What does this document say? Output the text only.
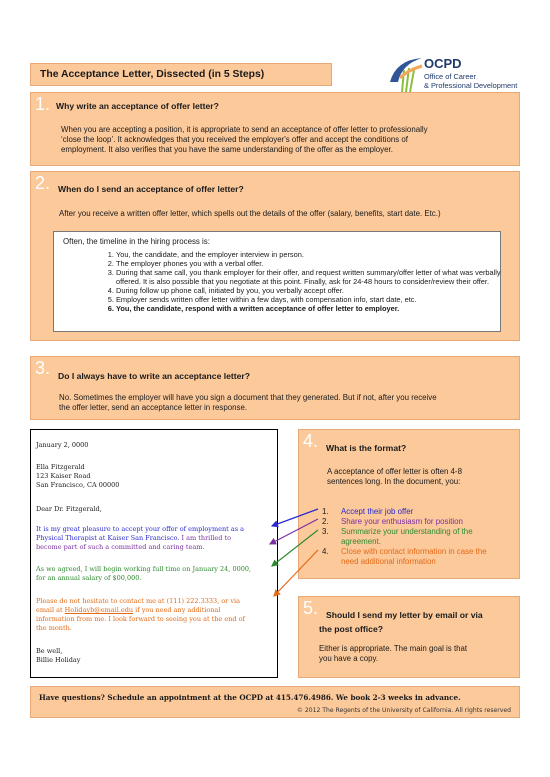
The Acceptance Letter, Dissected (in 5 Steps)
OCPD
Office of Career
& Professional Development
1. Why write an acceptance of offer letter?
When you are accepting a position, it is appropriate to send an acceptance of offer letter to professionally
‘close the loop’. It acknowledges that you received the employer's offer and accept the conditions of
employment. It also verifies that you have the same understanding of the offer as the employer.
2. When do I send an acceptance of offer letter?
After you receive a written offer letter, which spells out the details of the offer (salary, benefits, start date. Etc.)
Often, the timeline in the hiring process is:
1. You, the candidate, and the employer interview in person.
2. The employer phones you with a verbal offer.
3. During that same call, you thank employer for their offer, and request written summary/offer letter of what was verbally offered. It is also possible that you negotiate at this point. Finally, ask for 24-48 hours to consider/review their offer.
4. During follow up phone call, initiated by you, you verbally accept offer.
5. Employer sends written offer letter within a few days, with compensation info, start date, etc.
6. You, the candidate, respond with a written acceptance of offer letter to employer.
3. Do I always have to write an acceptance letter?
No. Sometimes the employer will have you sign a document that they generated. But if not, after you receive
the offer letter, send an acceptance letter in response.
January 2, 0000
Ella Fitzgerald
123 Kaiser Road
San Francisco, CA 00000
Dear Dr. Fitzgerald,
It is my great pleasure to accept your offer of employment as a
Physical Therapist at Kaiser San Francisco. I am thrilled to
become part of such a committed and caring team.
As we agreed, I will begin working full time on January 24, 0000,
for an annual salary of $00,000.
Please do not hesitate to contact me at (111) 222.3333, or via
email at Holidayb@email.edu if you need any additional
information from me. I look forward to seeing you at the end of
the month.
Be well,
Billie Holiday
4. What is the format?
A acceptance of offer letter is often 4-8
sentences long. In the document, you:
1. Accept their job offer
2. Share your enthusiasm for position
3. Summarize your understanding of the
agreement.
4. Close with contact information in case the
need additional information
5. Should I send my letter by email or via
the post office?
Either is appropriate. The main goal is that
you have a copy.
Have questions? Schedule an appointment at the OCPD at 415.476.4986. We book 2-3 weeks in advance.
© 2012 The Regents of the University of California. All rights reserved
